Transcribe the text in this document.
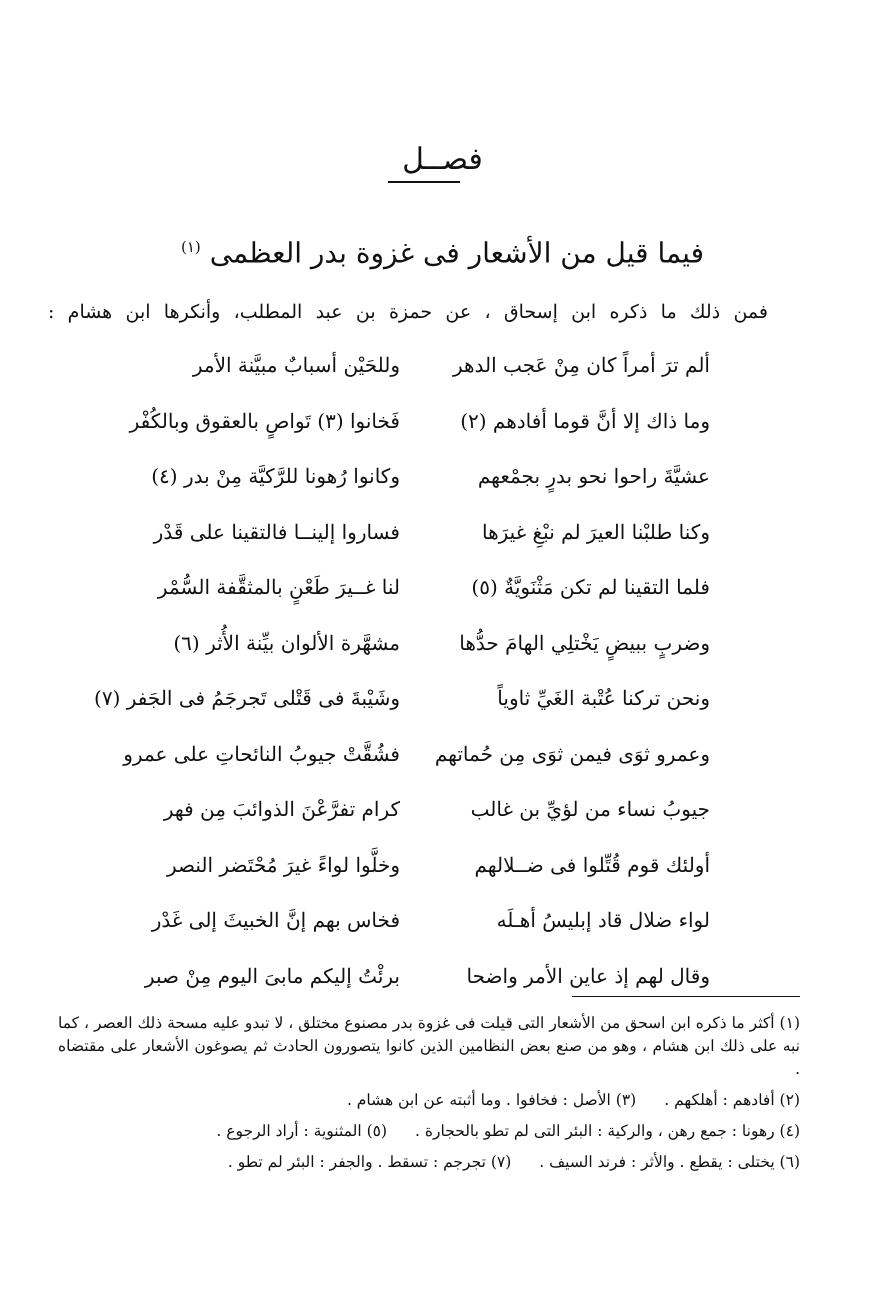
فصــل
فيما قيل من الأشعار فى غزوة بدر العظمى $^{(١)}$
فمن ذلك ما ذكره ابن إسحاق ، عن حمزة بن عبد المطلب، وأنكرها ابن هشام :
ألم ترَ أمراً كان مِنْ عَجب الدهر
وللحَيْن أسبابٌ مبيَّنة الأمر
وما ذاك إلا أنَّ قوما أفادهم (٢)
فَخانوا (٣) تَواصٍ بالعقوق وبالكُفْر
عشيَّةَ راحوا نحو بدرٍ بجمْعهم
وكانوا رُهونا للرَّكيَّة مِنْ بدر (٤)
وكنا طلبْنا العيرَ لم نبْغِ غيرَها
فساروا إلينــا فالتقينا على قَدْر
فلما التقينا لم تكن مَثْنَويَّةٌ (٥)
لنا غــيرَ طَعْنٍ بالمثقَّفة السُّمْر
وضربٍ ببيضٍ يَخْتلِي الهامَ حدُّها
مشهَّرة الألوان بيِّنة الأُثر (٦)
ونحن تركنا عُتْبة الغَيِّ ثاوياً
وشَيْبةَ فى قَتْلى تَجرجَمُ فى الجَفر (٧)
وعمرو ثوَى فيمن ثوَى مِن حُماتهم
فشُقَّتْ جيوبُ النائحاتِ على عمرو
جيوبُ نساء من لؤيِّ بن غالب
كرام تفرَّعْنَ الذوائبَ مِن فهر
أولئك قوم قُتِّلوا فى ضــلالهم
وخلَّوا لواءً غيرَ مُحْتَضر النصر
لواء ضلال قاد إبليسُ أهـلَه
فخاس بهم إنَّ الخبيثَ إلى غَدْر
وقال لهم إذ عاين الأمر واضحا
برئْتُ إليكم مابىَ اليوم مِنْ صبر
(١) أكثر ما ذكره ابن اسحق من الأشعار التى قيلت فى غزوة بدر مصنوع مختلق ، لا تبدو عليه مسحة ذلك العصر ، كما نبه على ذلك ابن هشام ، وهو من صنع بعض النظامين الذين كانوا يتصورون الحادث ثم يصوغون الأشعار على مقتضاه .
(٢) أفادهم : أهلكهم .
(٣) الأصل : فخافوا . وما أثبته عن ابن هشام .
(٤) رهونا : جمع رهن ، والركية : البئر التى لم تطو بالحجارة .
(٥) المثنوية : أراد الرجوع .
(٦) يختلى : يقطع . والأثر : فرند السيف .
(٧) تجرجم : تسقط . والجفر : البئر لم تطو .
